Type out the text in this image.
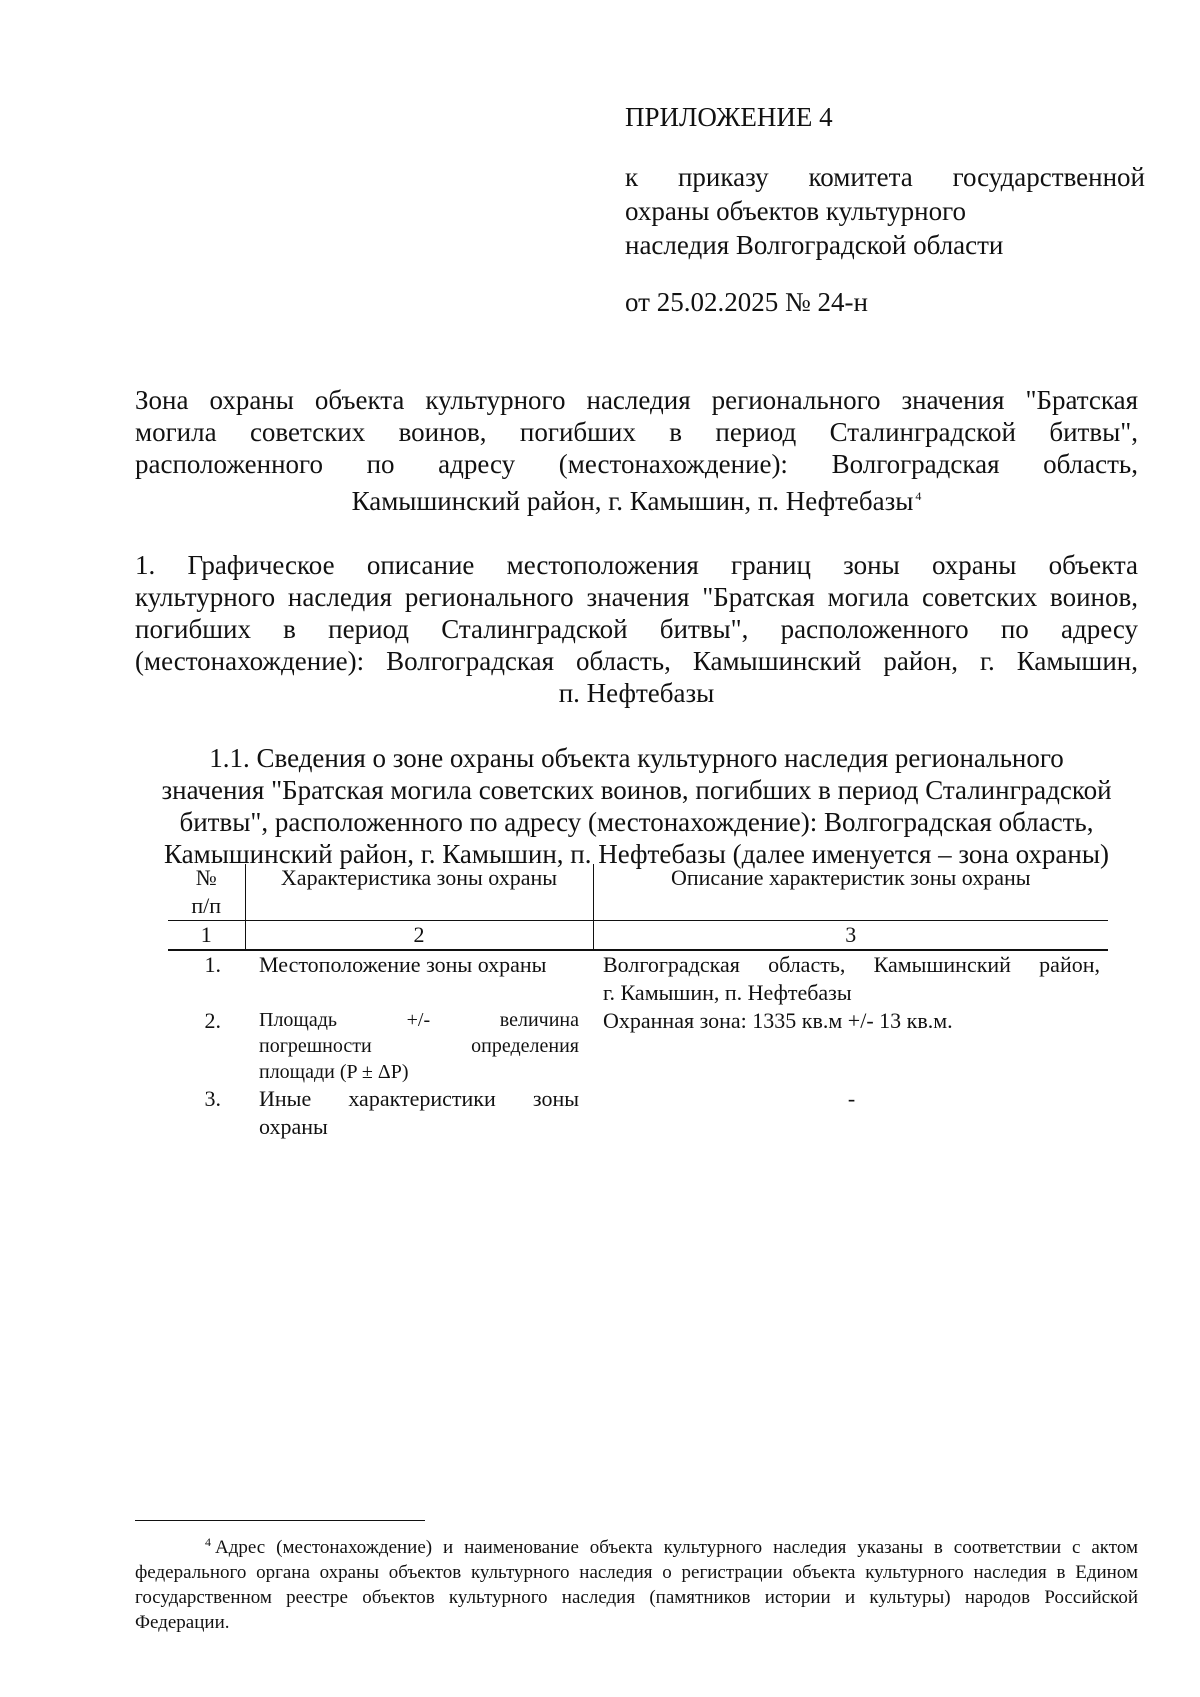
ПРИЛОЖЕНИЕ 4
к приказу комитета государственной
охраны объектов культурного
наследия Волгоградской области
от 25.02.2025 № 24-н
Зона охраны объекта культурного наследия регионального значения "Братская
могила советских воинов, погибших в период Сталинградской битвы",
расположенного по адресу (местонахождение): Волгоградская область,
Камышинский район, г. Камышин, п. Нефтебазы $^4$
1. Графическое описание местоположения границ зоны охраны объекта
культурного наследия регионального значения "Братская могила советских воинов,
погибших в период Сталинградской битвы", расположенного по адресу
(местонахождение): Волгоградская область, Камышинский район, г. Камышин,
п. Нефтебазы
1.1. Сведения о зоне охраны объекта культурного наследия регионального
значения "Братская могила советских воинов, погибших в период Сталинградской
битвы", расположенного по адресу (местонахождение): Волгоградская область,
Камышинский район, г. Камышин, п. Нефтебазы (далее именуется – зона охраны)
№
п/п	Характеристика зоны охраны	Описание характеристик зоны охраны
1	2	3
1.	Местоположение зоны охраны	Волгоградская область, Камышинский район,
г. Камышин, п. Нефтебазы

2.	Площадь +/- величина
погрешности определения
площади (P ± ΔP)	Охранная зона: 1335 кв.м +/- 13 кв.м.
3.	Иные характеристики зоны
охраны	-
$^4$ Адрес (местонахождение) и наименование объекта культурного наследия указаны в соответствии с актом
федерального органа охраны объектов культурного наследия о регистрации объекта культурного наследия в Едином
государственном реестре объектов культурного наследия (памятников истории и культуры) народов Российской
Федерации.
